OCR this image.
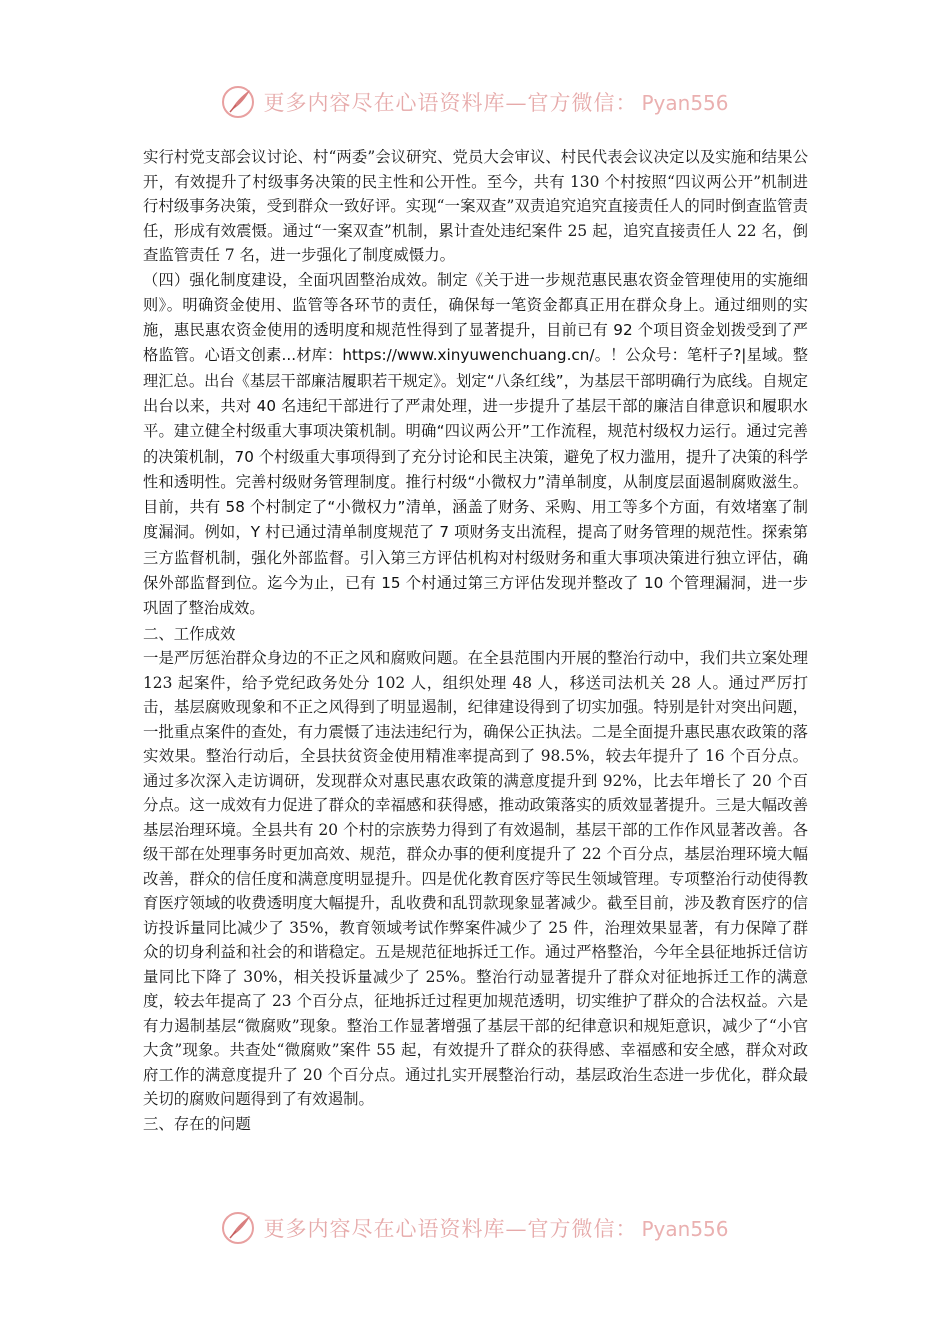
更多内容尽在心语资料库—官方微信： Pyan556

实行村党支部会议讨论、村“两委”会议研究、党员大会审议、村民代表会议决定以及实施和结果公开，有效提升了村级事务决策的民主性和公开性。至今，共有 130 个村按照“四议两公开”机制进行村级事务决策，受到群众一致好评。实现“一案双查”双责追究追究直接责任人的同时倒查监管责任，形成有效震慑。通过“一案双查”机制，累计查处违纪案件 25 起，追究直接责任人 22 名，倒查监管责任 7 名，进一步强化了制度威慑力。

（四）强化制度建设，全面巩固整治成效。制定《关于进一步规范惠民惠农资金管理使用的实施细则》。明确资金使用、监管等各环节的责任，确保每一笔资金都真正用在群众身上。通过细则的实施，惠民惠农资金使用的透明度和规范性得到了显著提升，目前已有 92 个项目资金划拨受到了严格监管。心语文创素...材库：https://www.xinyuwenchuang.cn/。！公众号：笔杆子?|星域。整理汇总。出台《基层干部廉洁履职若干规定》。划定“八条红线”，为基层干部明确行为底线。自规定出台以来，共对 40 名违纪干部进行了严肃处理，进一步提升了基层干部的廉洁自律意识和履职水平。建立健全村级重大事项决策机制。明确“四议两公开”工作流程，规范村级权力运行。通过完善的决策机制，70 个村级重大事项得到了充分讨论和民主决策，避免了权力滥用，提升了决策的科学性和透明性。完善村级财务管理制度。推行村级“小微权力”清单制度，从制度层面遏制腐败滋生。目前，共有 58 个村制定了“小微权力”清单，涵盖了财务、采购、用工等多个方面，有效堵塞了制度漏洞。例如，Y 村已通过清单制度规范了 7 项财务支出流程，提高了财务管理的规范性。探索第三方监督机制，强化外部监督。引入第三方评估机构对村级财务和重大事项决策进行独立评估，确保外部监督到位。迄今为止，已有 15 个村通过第三方评估发现并整改了 10 个管理漏洞，进一步巩固了整治成效。

二、工作成效

一是严厉惩治群众身边的不正之风和腐败问题。在全县范围内开展的整治行动中，我们共立案处理 123 起案件，给予党纪政务处分 102 人，组织处理 48 人，移送司法机关 28 人。通过严厉打击，基层腐败现象和不正之风得到了明显遏制，纪律建设得到了切实加强。特别是针对突出问题，一批重点案件的查处，有力震慑了违法违纪行为，确保公正执法。二是全面提升惠民惠农政策的落实效果。整治行动后，全县扶贫资金使用精准率提高到了 98.5%，较去年提升了 16 个百分点。通过多次深入走访调研，发现群众对惠民惠农政策的满意度提升到 92%，比去年增长了 20 个百分点。这一成效有力促进了群众的幸福感和获得感，推动政策落实的质效显著提升。三是大幅改善基层治理环境。全县共有 20 个村的宗族势力得到了有效遏制，基层干部的工作作风显著改善。各级干部在处理事务时更加高效、规范，群众办事的便利度提升了 22 个百分点，基层治理环境大幅改善，群众的信任度和满意度明显提升。四是优化教育医疗等民生领域管理。专项整治行动使得教育医疗领域的收费透明度大幅提升，乱收费和乱罚款现象显著减少。截至目前，涉及教育医疗的信访投诉量同比减少了 35%，教育领域考试作弊案件减少了 25 件，治理效果显著，有力保障了群众的切身利益和社会的和谐稳定。五是规范征地拆迁工作。通过严格整治，今年全县征地拆迁信访量同比下降了 30%，相关投诉量减少了 25%。整治行动显著提升了群众对征地拆迁工作的满意度，较去年提高了 23 个百分点，征地拆迁过程更加规范透明，切实维护了群众的合法权益。六是有力遏制基层“微腐败”现象。整治工作显著增强了基层干部的纪律意识和规矩意识，减少了“小官大贪”现象。共查处“微腐败”案件 55 起，有效提升了群众的获得感、幸福感和安全感，群众对政府工作的满意度提升了 20 个百分点。通过扎实开展整治行动，基层政治生态进一步优化，群众最关切的腐败问题得到了有效遏制。

三、存在的问题

更多内容尽在心语资料库—官方微信： Pyan556
